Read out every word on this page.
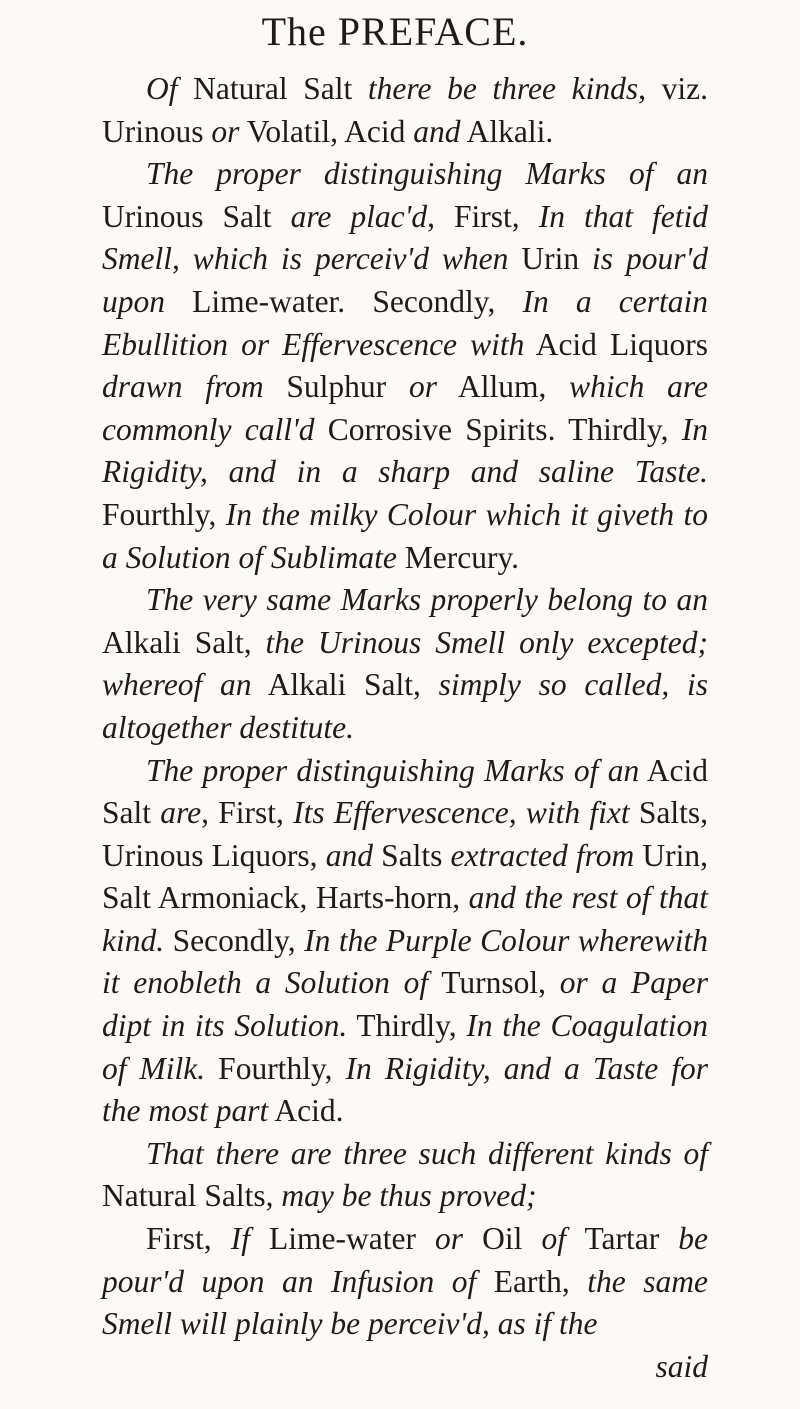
The PREFACE.

Of Natural Salt there be three kinds, viz. Urinous or Volatil, Acid and Alkali.

The proper distinguishing Marks of an Urinous Salt are plac'd, First, In that fetid Smell, which is perceiv'd when Urin is pour'd upon Lime-water. Secondly, In a certain Ebullition or Effervescence with Acid Liquors drawn from Sulphur or Allum, which are commonly call'd Corrosive Spirits. Thirdly, In Rigidity, and in a sharp and saline Taste. Fourthly, In the milky Colour which it giveth to a Solution of Sublimate Mercury.

The very same Marks properly belong to an Alkali Salt, the Urinous Smell only excepted; whereof an Alkali Salt, simply so called, is altogether destitute.

The proper distinguishing Marks of an Acid Salt are, First, Its Effervescence, with fixt Salts, Urinous Liquors, and Salts extracted from Urin, Salt Armoniack, Harts-horn, and the rest of that kind. Secondly, In the Purple Colour wherewith it enobleth a Solution of Turnsol, or a Paper dipt in its Solution. Thirdly, In the Coagulation of Milk. Fourthly, In Rigidity, and a Taste for the most part Acid.

That there are three such different kinds of Natural Salts, may be thus proved;

First, If Lime-water or Oil of Tartar be pour'd upon an Infusion of Earth, the same Smell will plainly be perceiv'd, as if the

said
